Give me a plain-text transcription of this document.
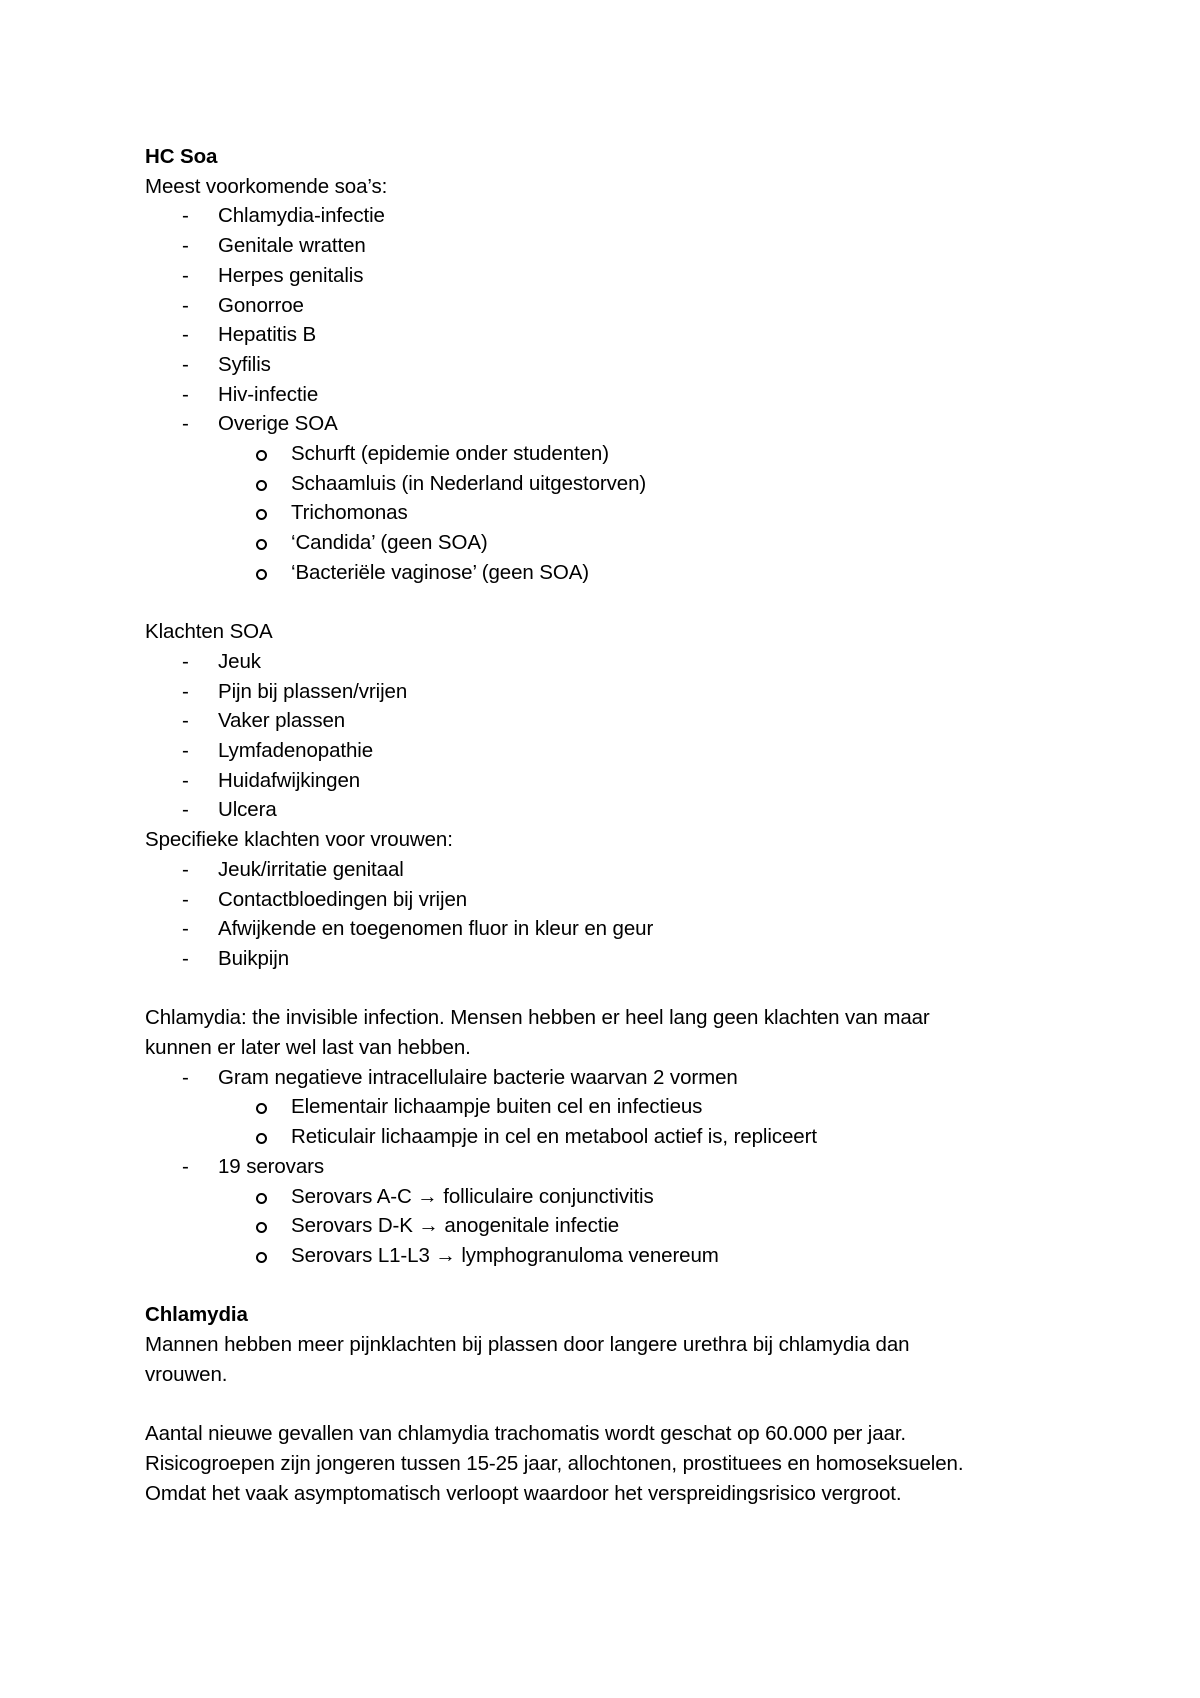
HC Soa
Meest voorkomende soa’s:
- Chlamydia-infectie
- Genitale wratten
- Herpes genitalis
- Gonorroe
- Hepatitis B
- Syfilis
- Hiv-infectie
- Overige SOA
Schurft (epidemie onder studenten)
Schaamluis (in Nederland uitgestorven)
Trichomonas
‘Candida’ (geen SOA)
‘Bacteriële vaginose’ (geen SOA)
Klachten SOA
- Jeuk
- Pijn bij plassen/vrijen
- Vaker plassen
- Lymfadenopathie
- Huidafwijkingen
- Ulcera
Specifieke klachten voor vrouwen:
- Jeuk/irritatie genitaal
- Contactbloedingen bij vrijen
- Afwijkende en toegenomen fluor in kleur en geur
- Buikpijn
Chlamydia: the invisible infection. Mensen hebben er heel lang geen klachten van maar
kunnen er later wel last van hebben.
- Gram negatieve intracellulaire bacterie waarvan 2 vormen
Elementair lichaampje buiten cel en infectieus
Reticulair lichaampje in cel en metabool actief is, repliceert
- 19 serovars
Serovars A-C → folliculaire conjunctivitis
Serovars D-K → anogenitale infectie
Serovars L1-L3 → lymphogranuloma venereum
Chlamydia
Mannen hebben meer pijnklachten bij plassen door langere urethra bij chlamydia dan
vrouwen.
Aantal nieuwe gevallen van chlamydia trachomatis wordt geschat op 60.000 per jaar.
Risicogroepen zijn jongeren tussen 15-25 jaar, allochtonen, prostituees en homoseksuelen.
Omdat het vaak asymptomatisch verloopt waardoor het verspreidingsrisico vergroot.
